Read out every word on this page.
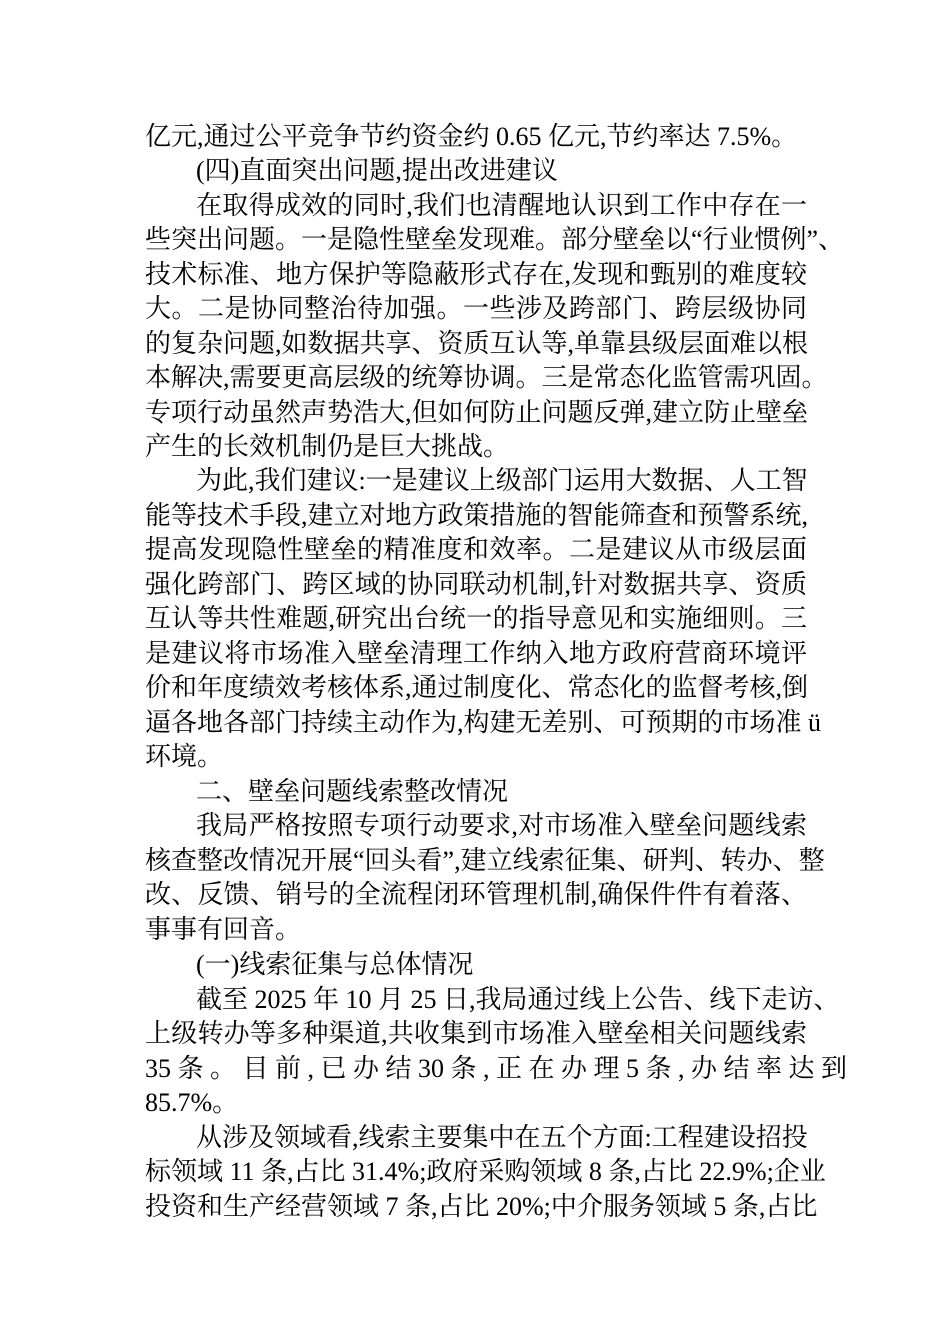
亿元,通过公平竞争节约资金约 0.65 亿元,节约率达 7.5%。
(四)直面突出问题,提出改进建议
在取得成效的同时,我们也清醒地认识到工作中存在一
些突出问题。一是隐性壁垒发现难。部分壁垒以“行业惯例”、
技术标准、地方保护等隐蔽形式存在,发现和甄别的难度较
大。二是协同整治待加强。一些涉及跨部门、跨层级协同
的复杂问题,如数据共享、资质互认等,单靠县级层面难以根
本解决,需要更高层级的统筹协调。三是常态化监管需巩固。
专项行动虽然声势浩大,但如何防止问题反弹,建立防止壁垒
产生的长效机制仍是巨大挑战。
为此,我们建议:一是建议上级部门运用大数据、人工智
能等技术手段,建立对地方政策措施的智能筛查和预警系统,
提高发现隐性壁垒的精准度和效率。二是建议从市级层面
强化跨部门、跨区域的协同联动机制,针对数据共享、资质
互认等共性难题,研究出台统一的指导意见和实施细则。三
是建议将市场准入壁垒清理工作纳入地方政府营商环境评
价和年度绩效考核体系,通过制度化、常态化的监督考核,倒
逼各地各部门持续主动作为,构建无差别、可预期的市场准 ü
环境。
二、壁垒问题线索整改情况
我局严格按照专项行动要求,对市场准入壁垒问题线索
核查整改情况开展“回头看”,建立线索征集、研判、转办、整
改、反馈、销号的全流程闭环管理机制,确保件件有着落、
事事有回音。
(一)线索征集与总体情况
截至 2025 年 10 月 25 日,我局通过线上公告、线下走访、
上级转办等多种渠道,共收集到市场准入壁垒相关问题线索
35 条 。 目 前 , 已 办 结 30 条 , 正 在 办 理 5 条 , 办 结 率 达 到
85.7%。
从涉及领域看,线索主要集中在五个方面:工程建设招投
标领域 11 条,占比 31.4%;政府采购领域 8 条,占比 22.9%;企业
投资和生产经营领域 7 条,占比 20%;中介服务领域 5 条,占比
